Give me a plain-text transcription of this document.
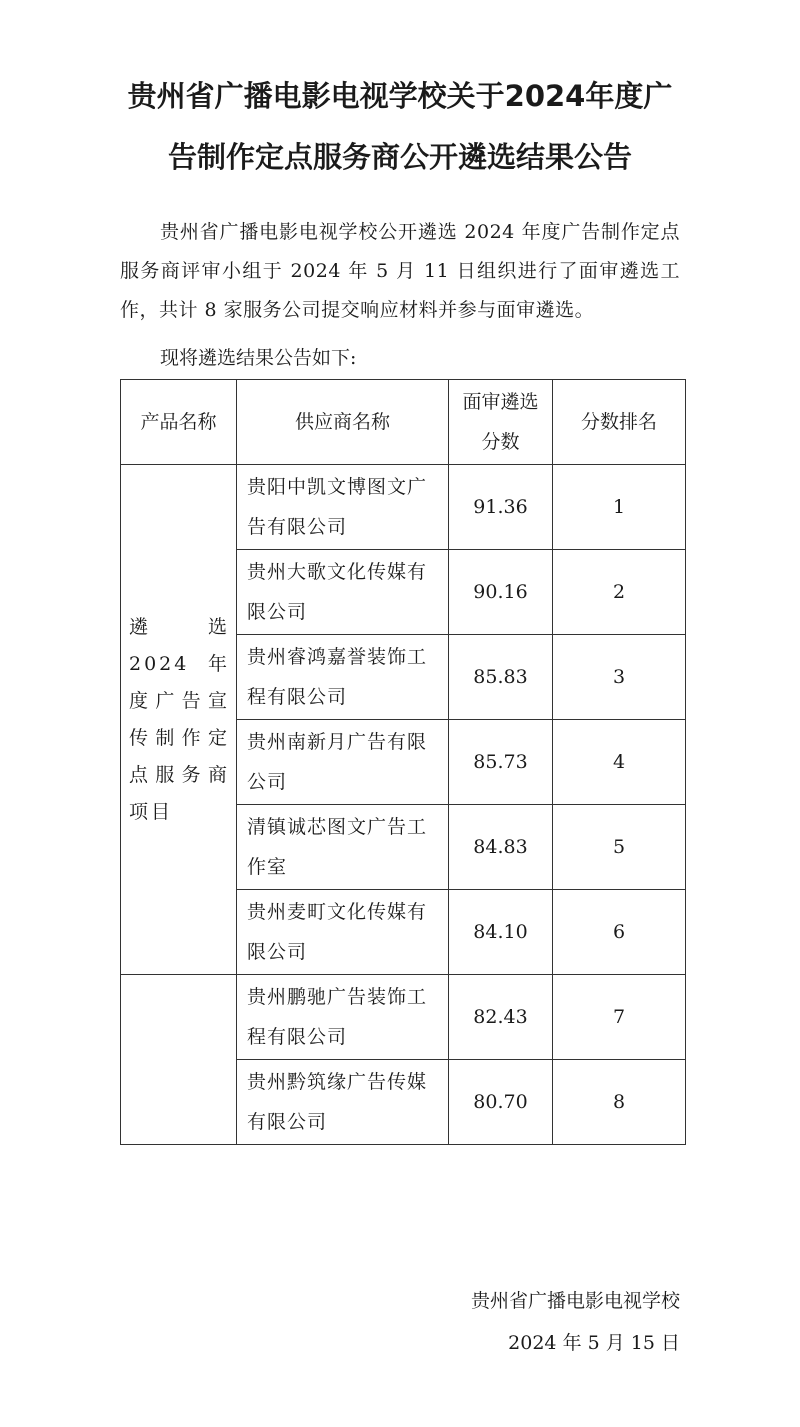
贵州省广播电影电视学校关于2024年度广
告制作定点服务商公开遴选结果公告

贵州省广播电影电视学校公开遴选 2024 年度广告制作定点服务商评审小组于 2024 年 5 月 11 日组织进行了面审遴选工作，共计 8 家服务公司提交响应材料并参与面审遴选。

现将遴选结果公告如下:

产品名称	供应商名称	面审遴选分数	分数排名
遴选 2024 年度广告宣传制作定点服务商项目	贵阳中凯文博图文广告有限公司	91.36	1
	贵州大歌文化传媒有限公司	90.16	2
	贵州睿鸿嘉誉装饰工程有限公司	85.83	3
	贵州南新月广告有限公司	85.73	4
	清镇诚芯图文广告工作室	84.83	5
	贵州麦町文化传媒有限公司	84.10	6
	贵州鹏驰广告装饰工程有限公司	82.43	7
	贵州黔筑缘广告传媒有限公司	80.70	8

贵州省广播电影电视学校

2024 年 5 月 15 日
